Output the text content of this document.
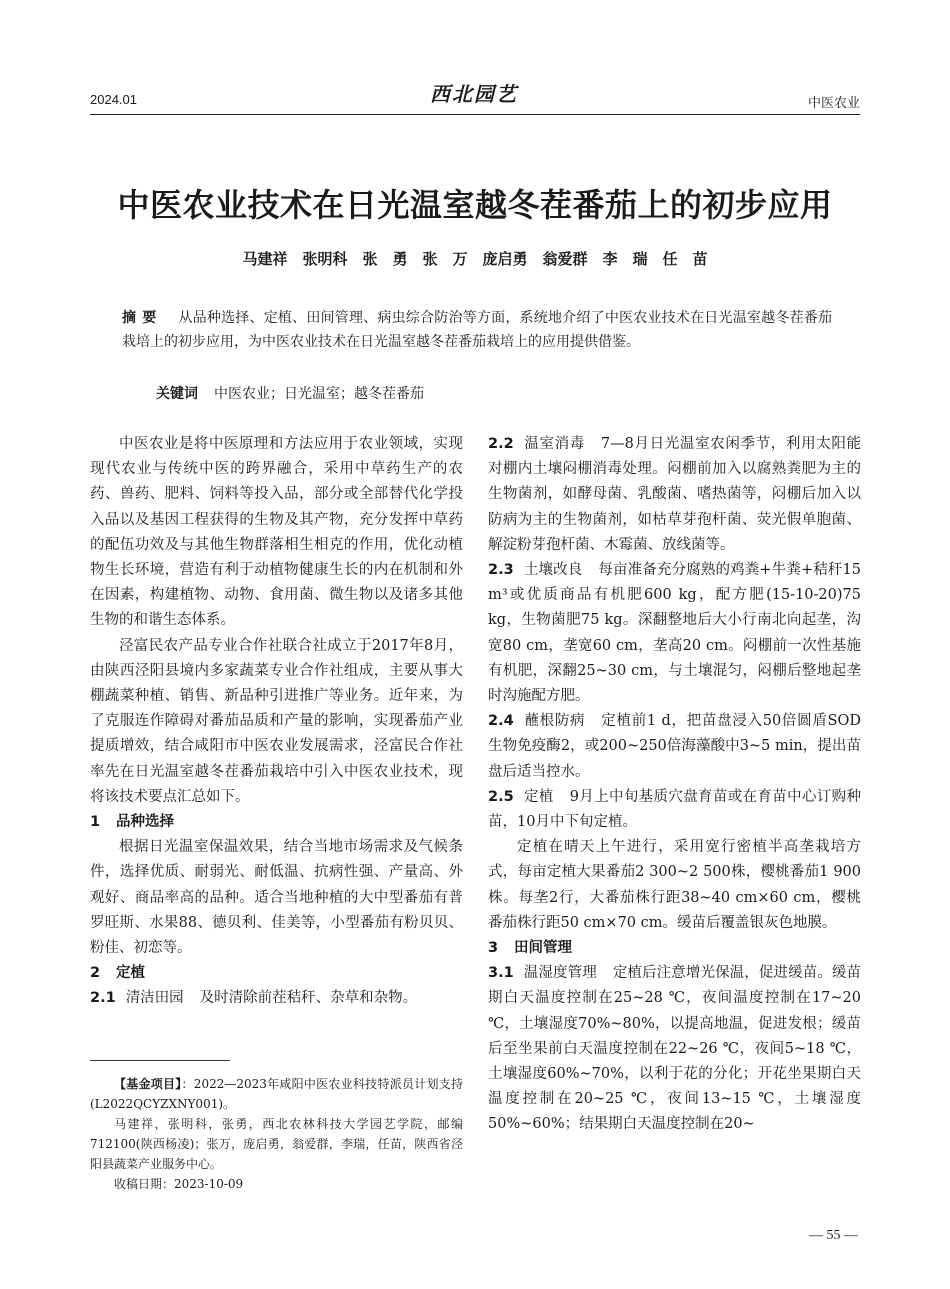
2024.01	西北园艺	中医农业
中医农业技术在日光温室越冬茬番茄上的初步应用
马建祥　张明科　张　勇　张　万　庞启勇　翁爱群　李　瑞　任　苗
摘要 从品种选择、定植、田间管理、病虫综合防治等方面，系统地介绍了中医农业技术在日光温室越冬茬番茄栽培上的初步应用，为中医农业技术在日光温室越冬茬番茄栽培上的应用提供借鉴。
关键词 中医农业；日光温室；越冬茬番茄

中医农业是将中医原理和方法应用于农业领域，实现现代农业与传统中医的跨界融合，采用中草药生产的农药、兽药、肥料、饲料等投入品，部分或全部替代化学投入品以及基因工程获得的生物及其产物，充分发挥中草药的配伍功效及与其他生物群落相生相克的作用，优化动植物生长环境，营造有利于动植物健康生长的内在机制和外在因素，构建植物、动物、食用菌、微生物以及诸多其他生物的和谐生态体系。

泾富民农产品专业合作社联合社成立于2017年8月，由陕西泾阳县境内多家蔬菜专业合作社组成，主要从事大棚蔬菜种植、销售、新品种引进推广等业务。近年来，为了克服连作障碍对番茄品质和产量的影响，实现番茄产业提质增效，结合咸阳市中医农业发展需求，泾富民合作社率先在日光温室越冬茬番茄栽培中引入中医农业技术，现将该技术要点汇总如下。

1 品种选择

根据日光温室保温效果，结合当地市场需求及气候条件，选择优质、耐弱光、耐低温、抗病性强、产量高、外观好、商品率高的品种。适合当地种植的大中型番茄有普罗旺斯、水果88、德贝利、佳美等，小型番茄有粉贝贝、粉佳、初恋等。

2 定植

2.1 清洁田园 及时清除前茬秸秆、杂草和杂物。

【基金项目】：2022—2023年咸阳中医农业科技特派员计划支持(L2022QCYZXNY001)。

马建祥，张明科，张勇，西北农林科技大学园艺学院，邮编712100(陕西杨凌)；张万，庞启勇，翁爱群，李瑞，任苗，陕西省泾阳县蔬菜产业服务中心。

收稿日期：2023-10-09

2.2 温室消毒 7—8月日光温室农闲季节，利用太阳能对棚内土壤闷棚消毒处理。闷棚前加入以腐熟粪肥为主的生物菌剂，如酵母菌、乳酸菌、嗜热菌等，闷棚后加入以防病为主的生物菌剂，如枯草芽孢杆菌、荧光假单胞菌、解淀粉芽孢杆菌、木霉菌、放线菌等。

2.3 土壤改良 每亩准备充分腐熟的鸡粪+牛粪+秸秆15 m³或优质商品有机肥600 kg，配方肥(15-10-20)75 kg，生物菌肥75 kg。深翻整地后大小行南北向起垄，沟宽80 cm，垄宽60 cm，垄高20 cm。闷棚前一次性基施有机肥，深翻25~30 cm，与土壤混匀，闷棚后整地起垄时沟施配方肥。

2.4 蘸根防病 定植前1 d，把苗盘浸入50倍圆盾SOD生物免疫酶2，或200~250倍海藻酸中3~5 min，提出苗盘后适当控水。

2.5 定植 9月上中旬基质穴盘育苗或在育苗中心订购种苗，10月中下旬定植。

定植在晴天上午进行，采用宽行密植半高垄栽培方式，每亩定植大果番茄2 300~2 500株，樱桃番茄1 900株。每垄2行，大番茄株行距38~40 cm×60 cm，樱桃番茄株行距50 cm×70 cm。缓苗后覆盖银灰色地膜。

3 田间管理

3.1 温湿度管理 定植后注意增光保温，促进缓苗。缓苗期白天温度控制在25~28 ℃，夜间温度控制在17~20 ℃，土壤湿度70%~80%，以提高地温，促进发根；缓苗后至坐果前白天温度控制在22~26 ℃，夜间5~18 ℃，土壤湿度60%~70%，以利于花的分化；开花坐果期白天温度控制在20~25 ℃，夜间13~15 ℃，土壤湿度50%~60%；结果期白天温度控制在20~

— 55 —
